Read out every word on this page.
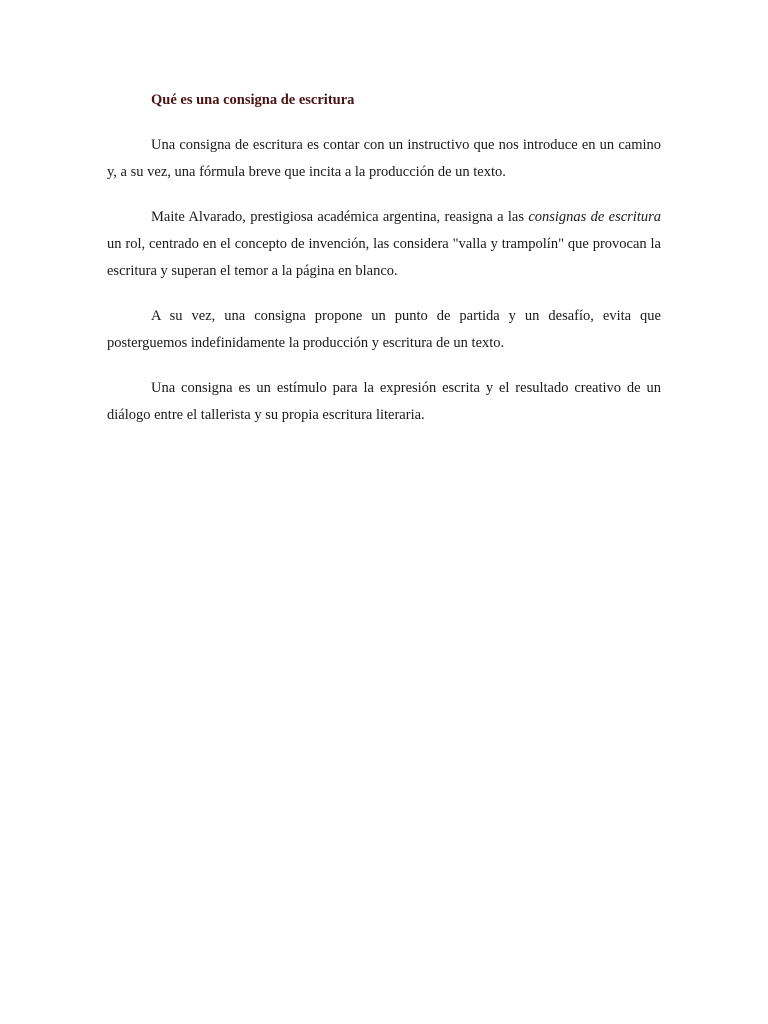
Qué es una consigna de escritura

Una consigna de escritura es contar con un instructivo que nos introduce en un camino y, a su vez, una fórmula breve que incita a la producción de un texto.

Maite Alvarado, prestigiosa académica argentina, reasigna a las consignas de escritura un rol, centrado en el concepto de invención, las considera "valla y trampolín" que provocan la escritura y superan el temor a la página en blanco.

A su vez, una consigna propone un punto de partida y un desafío, evita que posterguemos indefinidamente la producción y escritura de un texto.

Una consigna es un estímulo para la expresión escrita y el resultado creativo de un diálogo entre el tallerista y su propia escritura literaria.
